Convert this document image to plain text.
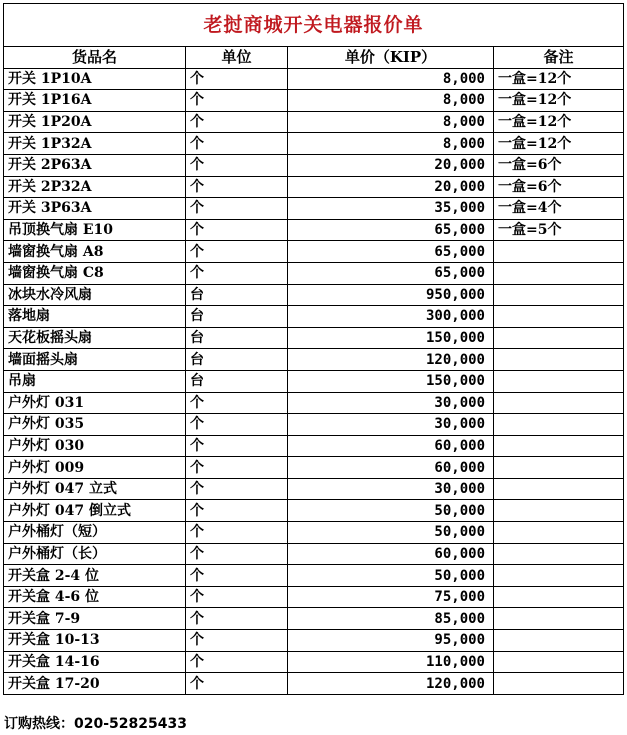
老挝商城开关电器报价单			
货品名	单位	单价（KIP）	备注
开关 1P10A	个	8,000	一盒=12个
开关 1P16A	个	8,000	一盒=12个
开关 1P20A	个	8,000	一盒=12个
开关 1P32A	个	8,000	一盒=12个
开关 2P63A	个	20,000	一盒=6个
开关 2P32A	个	20,000	一盒=6个
开关 3P63A	个	35,000	一盒=4个
吊顶换气扇 E10	个	65,000	一盒=5个
墙窗换气扇 A8	个	65,000	
墙窗换气扇 C8	个	65,000	
冰块水冷风扇	台	950,000	
落地扇	台	300,000	
天花板摇头扇	台	150,000	
墙面摇头扇	台	120,000	
吊扇	台	150,000	
户外灯 031	个	30,000	
户外灯 035	个	30,000	
户外灯 030	个	60,000	
户外灯 009	个	60,000	
户外灯 047 立式	个	30,000	
户外灯 047 倒立式	个	50,000	
户外桶灯（短）	个	50,000	
户外桶灯（长）	个	60,000	
开关盒 2-4 位	个	50,000	
开关盒 4-6 位	个	75,000	
开关盒 7-9	个	85,000	
开关盒 10-13	个	95,000	
开关盒 14-16	个	110,000	
开关盒 17-20	个	120,000	
订购热线：020-52825433
